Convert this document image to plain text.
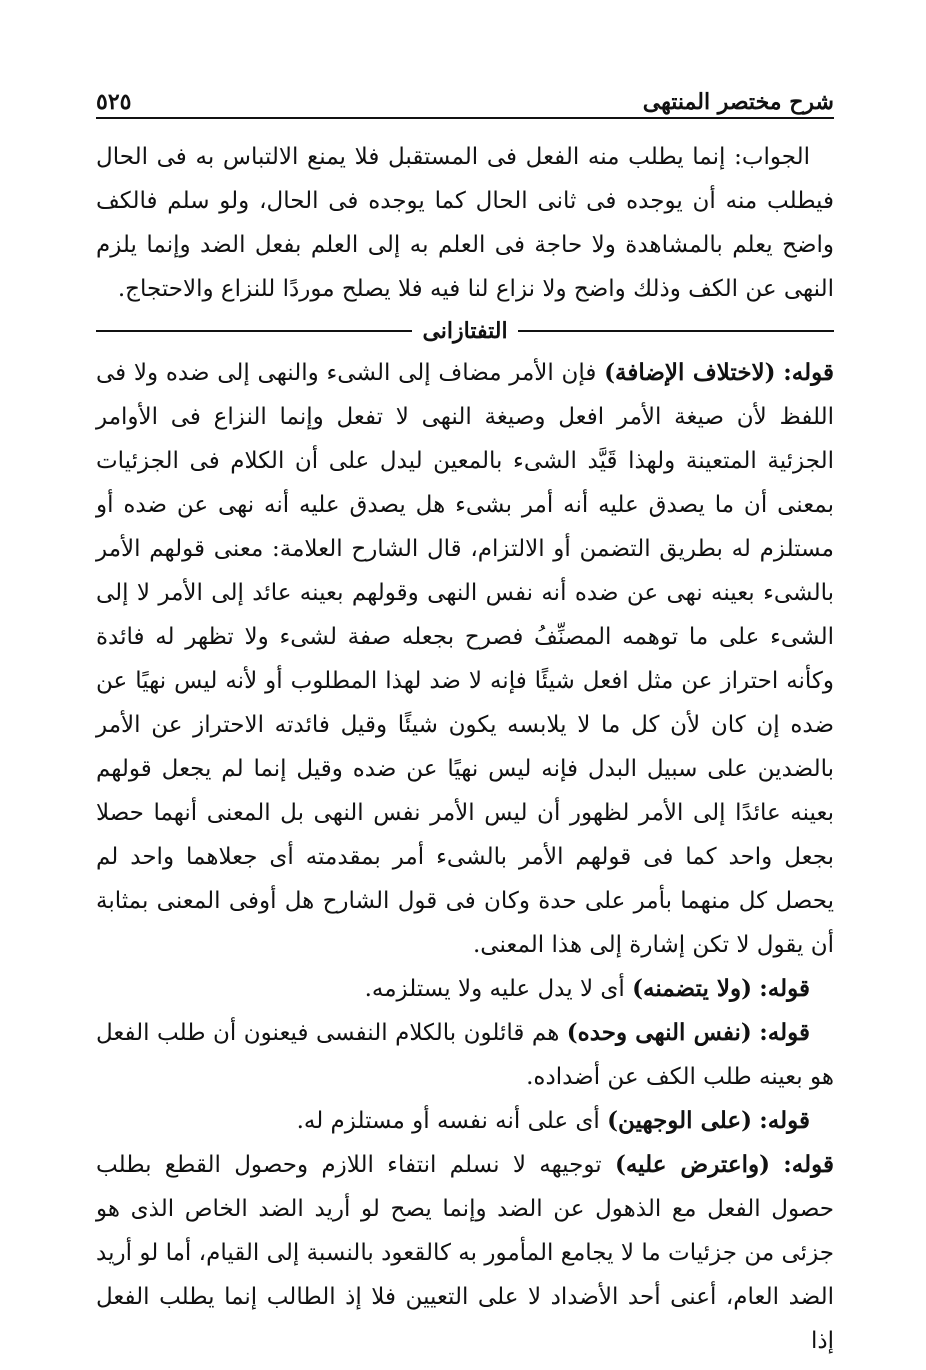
شرح مختصر المنتهى
٥٢٥

الجواب: إنما يطلب منه الفعل فى المستقبل فلا يمنع الالتباس به فى الحال فيطلب منه أن يوجده فى ثانى الحال كما يوجده فى الحال، ولو سلم فالكف واضح يعلم بالمشاهدة ولا حاجة فى العلم به إلى العلم بفعل الضد وإنما يلزم النهى عن الكف وذلك واضح ولا نزاع لنا فيه فلا يصلح موردًا للنزاع والاحتجاج.

التفتازانى

قوله: (لاختلاف الإضافة) فإن الأمر مضاف إلى الشىء والنهى إلى ضده ولا فى اللفظ لأن صيغة الأمر افعل وصيغة النهى لا تفعل وإنما النزاع فى الأوامر الجزئية المتعينة ولهذا قَيَّد الشىء بالمعين ليدل على أن الكلام فى الجزئيات بمعنى أن ما يصدق عليه أنه أمر بشىء هل يصدق عليه أنه نهى عن ضده أو مستلزم له بطريق التضمن أو الالتزام، قال الشارح العلامة: معنى قولهم الأمر بالشىء بعينه نهى عن ضده أنه نفس النهى وقولهم بعينه عائد إلى الأمر لا إلى الشىء على ما توهمه المصنِّفُ فصرح بجعله صفة لشىء ولا تظهر له فائدة وكأنه احتراز عن مثل افعل شيئًا فإنه لا ضد لهذا المطلوب أو لأنه ليس نهيًا عن ضده إن كان لأن كل ما لا يلابسه يكون شيئًا وقيل فائدته الاحتراز عن الأمر بالضدين على سبيل البدل فإنه ليس نهيًا عن ضده وقيل إنما لم يجعل قولهم بعينه عائدًا إلى الأمر لظهور أن ليس الأمر نفس النهى بل المعنى أنهما حصلا بجعل واحد كما فى قولهم الأمر بالشىء أمر بمقدمته أى جعلاهما واحد لم يحصل كل منهما بأمر على حدة وكان فى قول الشارح هل أوفى المعنى بمثابة أن يقول لا تكن إشارة إلى هذا المعنى.

قوله: (ولا يتضمنه) أى لا يدل عليه ولا يستلزمه.

قوله: (نفس النهى وحده) هم قائلون بالكلام النفسى فيعنون أن طلب الفعل هو بعينه طلب الكف عن أضداده.

قوله: (على الوجهين) أى على أنه نفسه أو مستلزم له.

قوله: (واعترض عليه) توجيهه لا نسلم انتفاء اللازم وحصول القطع بطلب حصول الفعل مع الذهول عن الضد وإنما يصح لو أريد الضد الخاص الذى هو جزئى من جزئيات ما لا يجامع المأمور به كالقعود بالنسبة إلى القيام، أما لو أريد الضد العام، أعنى أحد الأضداد لا على التعيين فلا إذ الطالب إنما يطلب الفعل إذا
